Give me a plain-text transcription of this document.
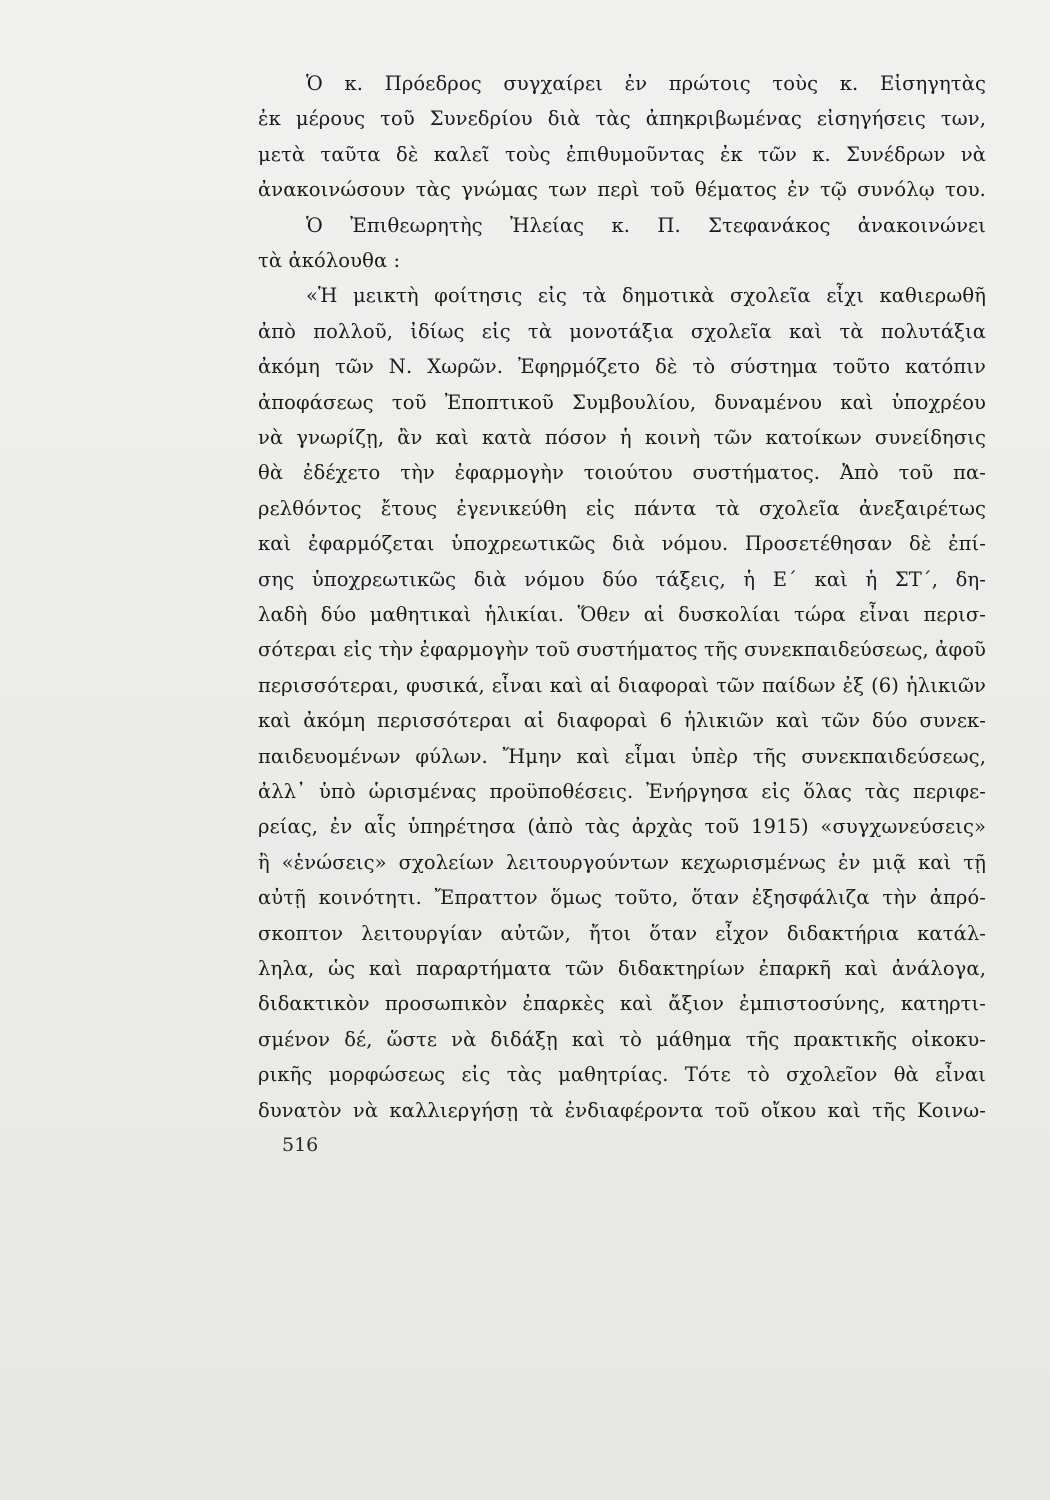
Ὁ κ. Πρόεδρος συγχαίρει ἐν πρώτοις τοὺς κ. Εἰσηγητὰς
ἐκ μέρους τοῦ Συνεδρίου διὰ τὰς ἀπηκριβωμένας εἰσηγήσεις των,
μετὰ ταῦτα δὲ καλεῖ τοὺς ἐπιθυμοῦντας ἐκ τῶν κ. Συνέδρων νὰ
ἀνακοινώσουν τὰς γνώμας των περὶ τοῦ θέματος ἐν τῷ συνόλῳ του.
Ὁ Ἐπιθεωρητὴς Ἠλείας κ. Π. Στεφανάκος ἀνακοινώνει
τὰ ἀκόλουθα :
«Ἡ μεικτὴ φοίτησις εἰς τὰ δημοτικὰ σχολεῖα εἶχι καθιερωθῆ
ἀπὸ πολλοῦ, ἰδίως εἰς τὰ μονοτάξια σχολεῖα καὶ τὰ πολυτάξια
ἀκόμη τῶν Ν. Χωρῶν. Ἐφηρμόζετο δὲ τὸ σύστημα τοῦτο κατόπιν
ἀποφάσεως τοῦ Ἐποπτικοῦ Συμβουλίου, δυναμένου καὶ ὑποχρέου
νὰ γνωρίζῃ, ἂν καὶ κατὰ πόσον ἡ κοινὴ τῶν κατοίκων συνείδησις
θὰ ἐδέχετο τὴν ἐφαρμογὴν τοιούτου συστήματος. Ἀπὸ τοῦ πα-
ρελθόντος ἔτους ἐγενικεύθη εἰς πάντα τὰ σχολεῖα ἀνεξαιρέτως
καὶ ἐφαρμόζεται ὑποχρεωτικῶς διὰ νόμου. Προσετέθησαν δὲ ἐπί-
σης ὑποχρεωτικῶς διὰ νόμου δύο τάξεις, ἡ Ε΄ καὶ ἡ ΣΤ΄, δη-
λαδὴ δύο μαθητικαὶ ἡλικίαι. Ὅθεν αἱ δυσκολίαι τώρα εἶναι περισ-
σότεραι εἰς τὴν ἐφαρμογὴν τοῦ συστήματος τῆς συνεκπαιδεύσεως, ἀφοῦ
περισσότεραι, φυσικά, εἶναι καὶ αἱ διαφοραὶ τῶν παίδων ἐξ (6) ἡλικιῶν
καὶ ἀκόμη περισσότεραι αἱ διαφοραὶ 6 ἡλικιῶν καὶ τῶν δύο συνεκ-
παιδευομένων φύλων. Ἤμην καὶ εἶμαι ὑπὲρ τῆς συνεκπαιδεύσεως,
ἀλλ᾽ ὑπὸ ὡρισμένας προϋποθέσεις. Ἐνήργησα εἰς ὅλας τὰς περιφε-
ρείας, ἐν αἷς ὑπηρέτησα (ἀπὸ τὰς ἀρχὰς τοῦ 1915) «συγχωνεύσεις»
ἢ «ἑνώσεις» σχολείων λειτουργούντων κεχωρισμένως ἐν μιᾷ καὶ τῇ
αὐτῇ κοινότητι. Ἔπραττον ὅμως τοῦτο, ὅταν ἐξησφάλιζα τὴν ἀπρό-
σκοπτον λειτουργίαν αὐτῶν, ἤτοι ὅταν εἶχον διδακτήρια κατάλ-
ληλα, ὡς καὶ παραρτήματα τῶν διδακτηρίων ἐπαρκῆ καὶ ἀνάλογα,
διδακτικὸν προσωπικὸν ἐπαρκὲς καὶ ἄξιον ἐμπιστοσύνης, κατηρτι-
σμένον δέ, ὥστε νὰ διδάξῃ καὶ τὸ μάθημα τῆς πρακτικῆς οἰκοκυ-
ρικῆς μορφώσεως εἰς τὰς μαθητρίας. Τότε τὸ σχολεῖον θὰ εἶναι
δυνατὸν νὰ καλλιεργήσῃ τὰ ἐνδιαφέροντα τοῦ οἴκου καὶ τῆς Κοινω-
516
